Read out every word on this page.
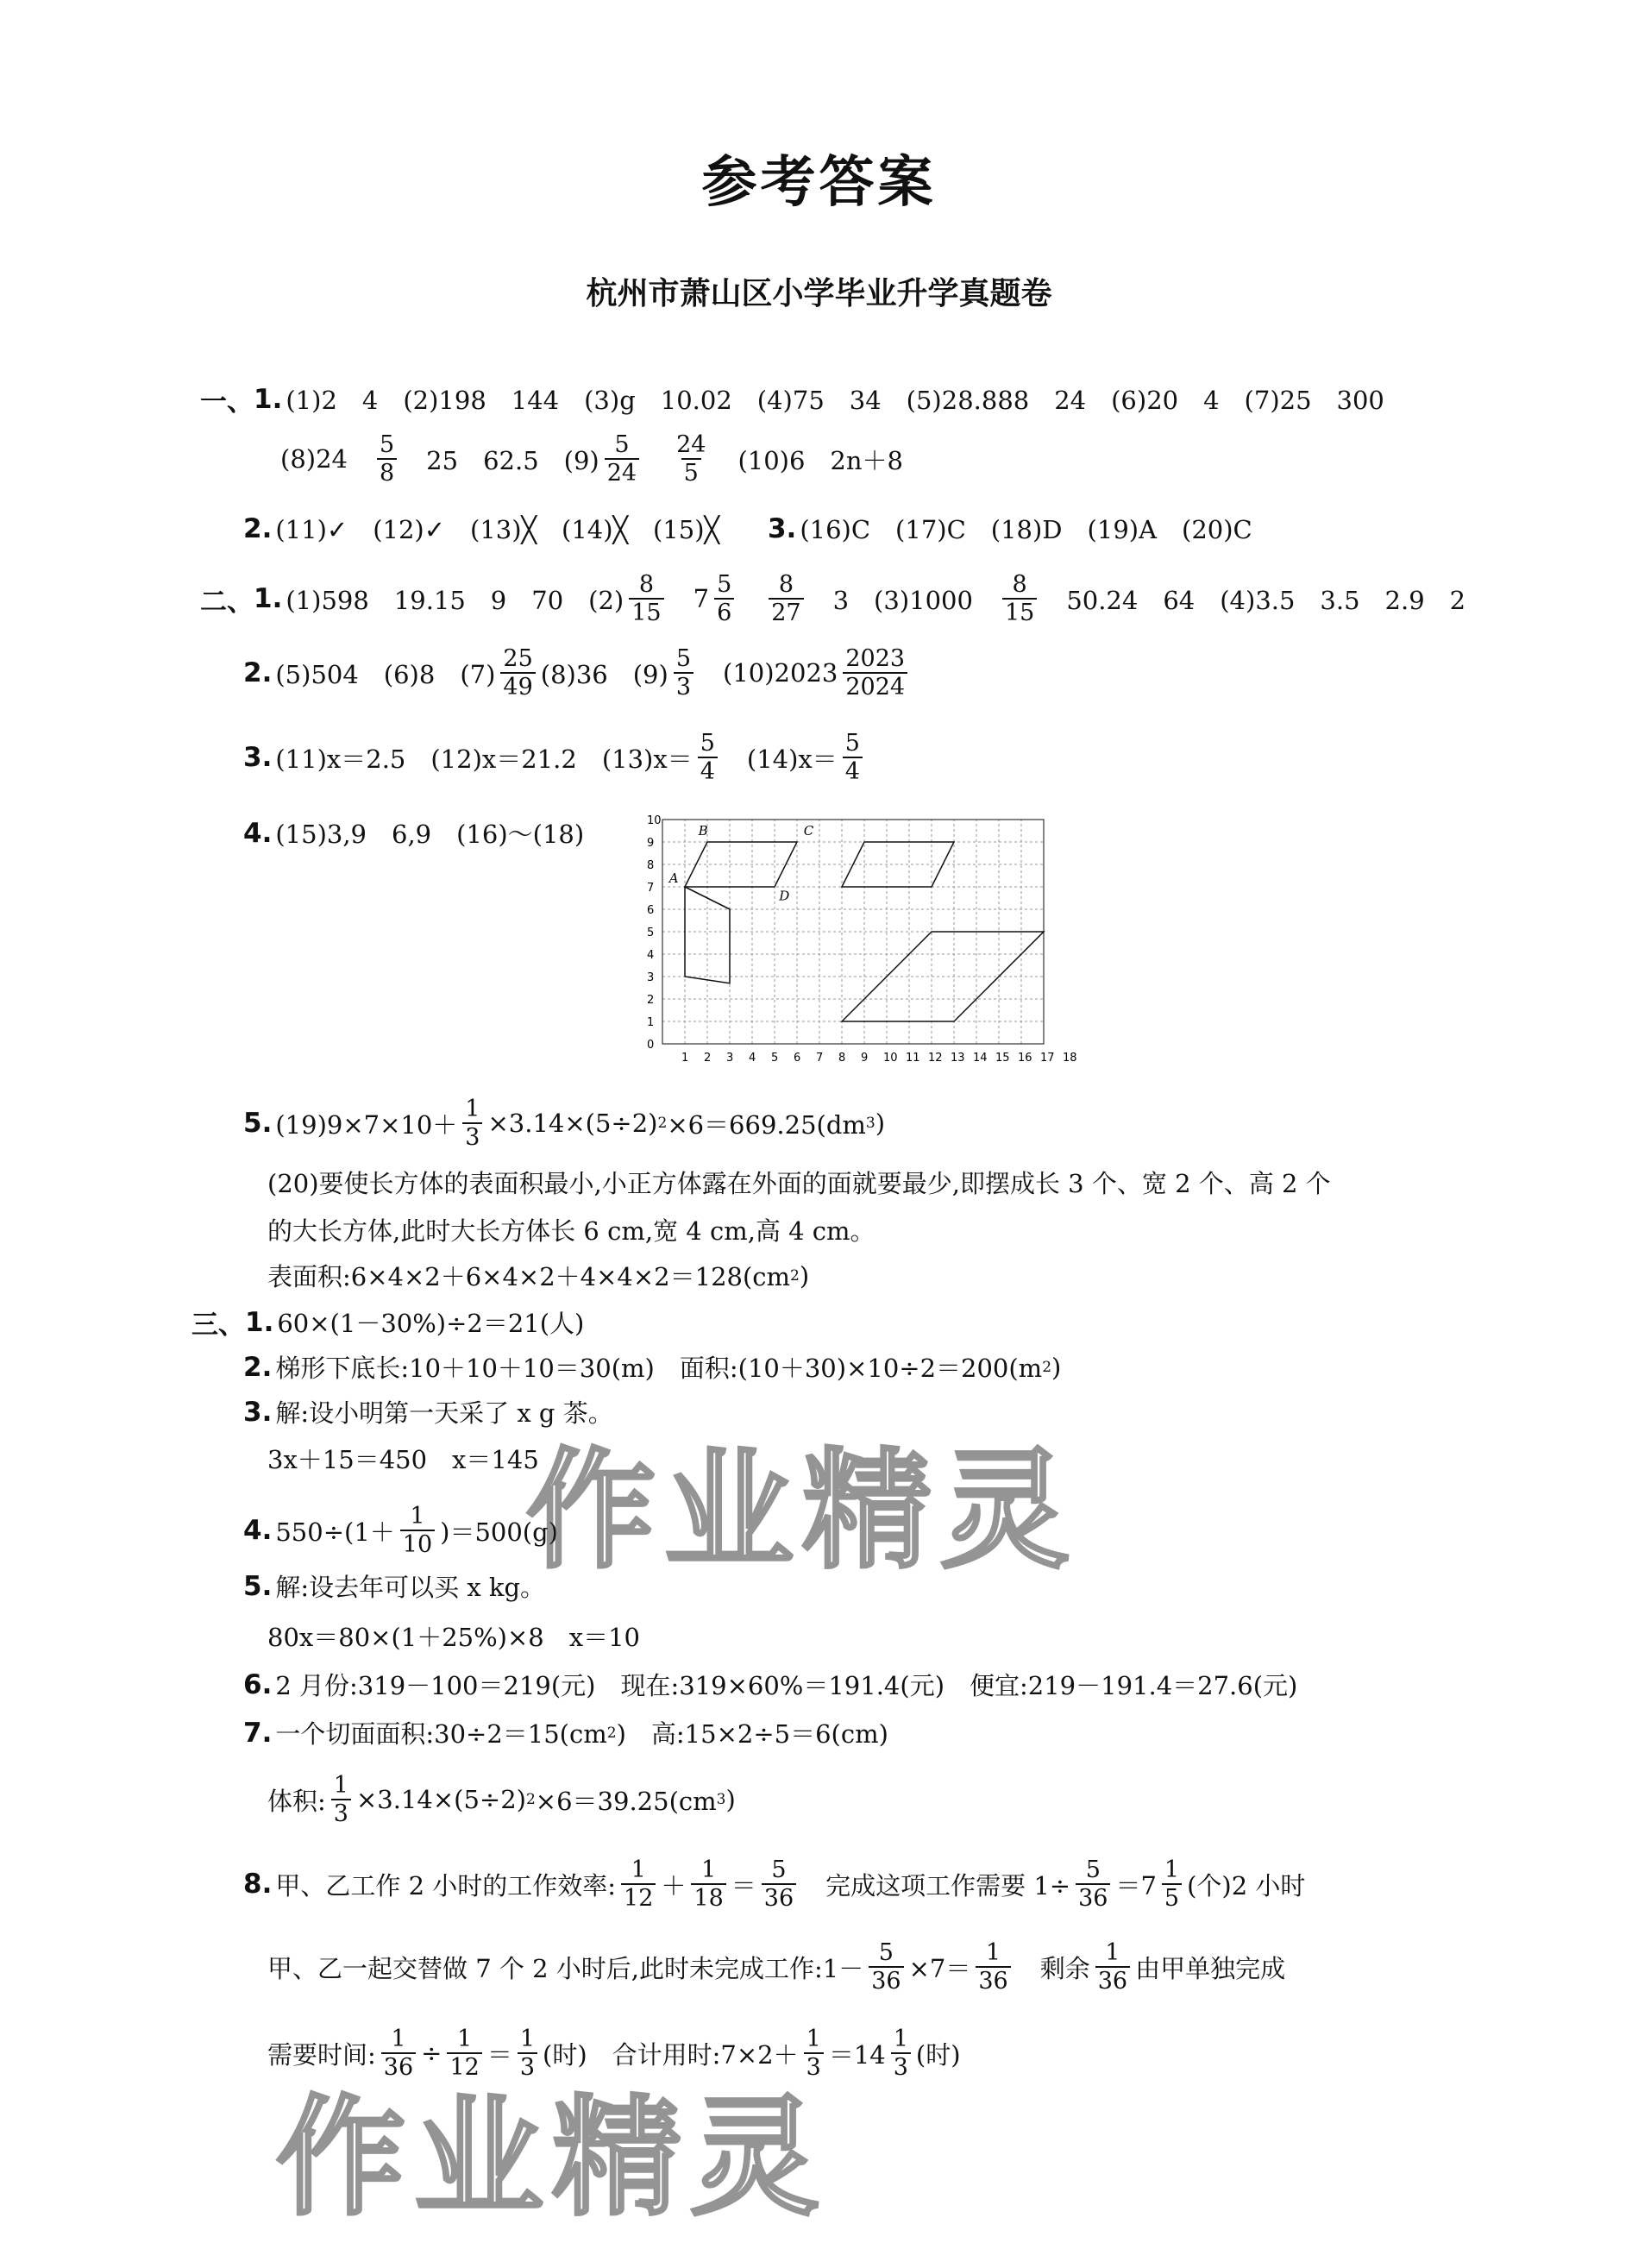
参考答案
杭州市萧山区小学毕业升学真题卷
一、 1. (1)2　4　(2)198　144　(3)g　10.02　(4)75　34　(5)28.888　24　(6)20　4　(7)25　300
$(8)24 \frac{5}{8} 25$　62.5　$(9) \frac{5}{24} \frac{24}{5} (10)6$　2n＋8
2. (11)✓　(12)✓　(13)╳　(14)╳　(15)╳ 3. (16)C　(17)C　(18)D　(19)A　(20)C
二、 1. (1)598　19.15　9　70　$(2) \frac{8}{15} 7 \frac{5}{6} \frac{8}{27} 3$　$(3)1000 \frac{8}{15} 50.24$　64　(4)3.5　3.5　2.9　2
2. (5)504　(6)8　$(7) \frac{25}{49} (8)36$　$(9) \frac{5}{3} (10)2023 \frac{2023}{2024}$
3. (11)x＝2.5　(12)x＝21.2　$(13)x= \frac{5}{4} (14)x= \frac{5}{4}$
4. (15)3,9　6,9　(16)～(18)
1 2 3 4 5 6 7 8 9 10 11 12 13 14 15 16 17 18
0
1
2
3
4
5
6
7
8
9
10
A
B	C
D
5. $(19)9\times 7\times 10+ \frac{1}{3} \times 3.14\times(5\div 2)$ 2 ×6＝669.25(dm 3 )
(20)要使长方体的表面积最小,小正方体露在外面的面就要最少,即摆成长 3 个、宽 2 个、高 2 个
的大长方体,此时大长方体长 6 cm,宽 4 cm,高 4 cm。
表面积:6×4×2＋6×4×2＋4×4×2＝128(cm 2 )
三、 1. 60×(1－30%)÷2＝21(人)
2. 梯形下底长:10＋10＋10＝30(m)　面积:(10＋30)×10÷2＝200(m 2 )
3. 解:设小明第一天采了 x g 茶。
3x＋15＝450　x＝145
4. $550\div(1+ \frac{1}{10} )=500(g)$
5. 解:设去年可以买 x kg。
80x＝80×(1＋25%)×8　x＝10
6. 2 月份:319－100＝219(元)　现在:319×60%＝191.4(元)　便宜:219－191.4＝27.6(元)
7. 一个切面面积:30÷2＝15(cm 2 )　高:15×2÷5＝6(cm)
体积: $\frac{1}{3} \times 3.14\times(5\div 2)$ 2 ×6＝39.25(cm 3 )
8. 甲、乙工作 2 小时的工作效率: $\frac{1}{12} + \frac{1}{18} = \frac{5}{36}$ 完成这项工作需要 $1\div \frac{5}{36} =7 \frac{1}{5}$ (个)2 小时
甲、乙一起交替做 7 个 2 小时后,此时未完成工作:1－ $\frac{5}{36} \times 7= \frac{1}{36}$ 剩余 $\frac{1}{36}$ 由甲单独完成
需要时间: $\frac{1}{36} \div \frac{1}{12} = \frac{1}{3}$ (时)　合计用时:7×2＋ $\frac{1}{3} =14 \frac{1}{3}$ (时)
作业精灵
作业精灵
